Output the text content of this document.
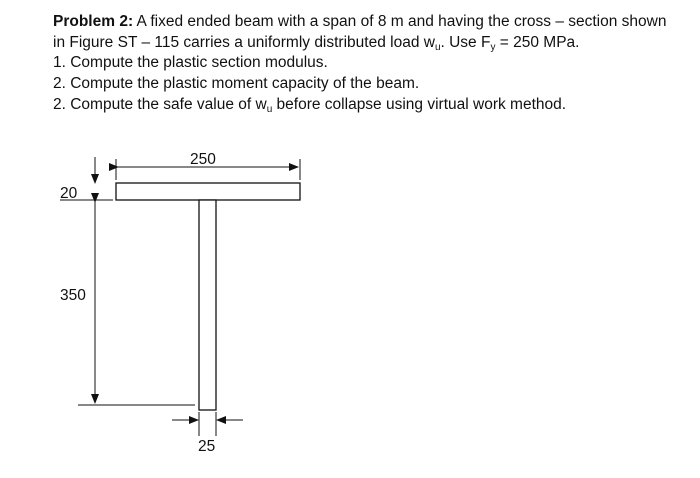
Problem 2: A fixed ended beam with a span of 8 m and having the cross – section shown
in Figure ST – 115 carries a uniformly distributed load $w_u$. Use $F_y = 250$ MPa.
1. Compute the plastic section modulus.
2. Compute the plastic moment capacity of the beam.
2. Compute the safe value of $w_u$ before collapse using virtual work method.
250
20
350
25
